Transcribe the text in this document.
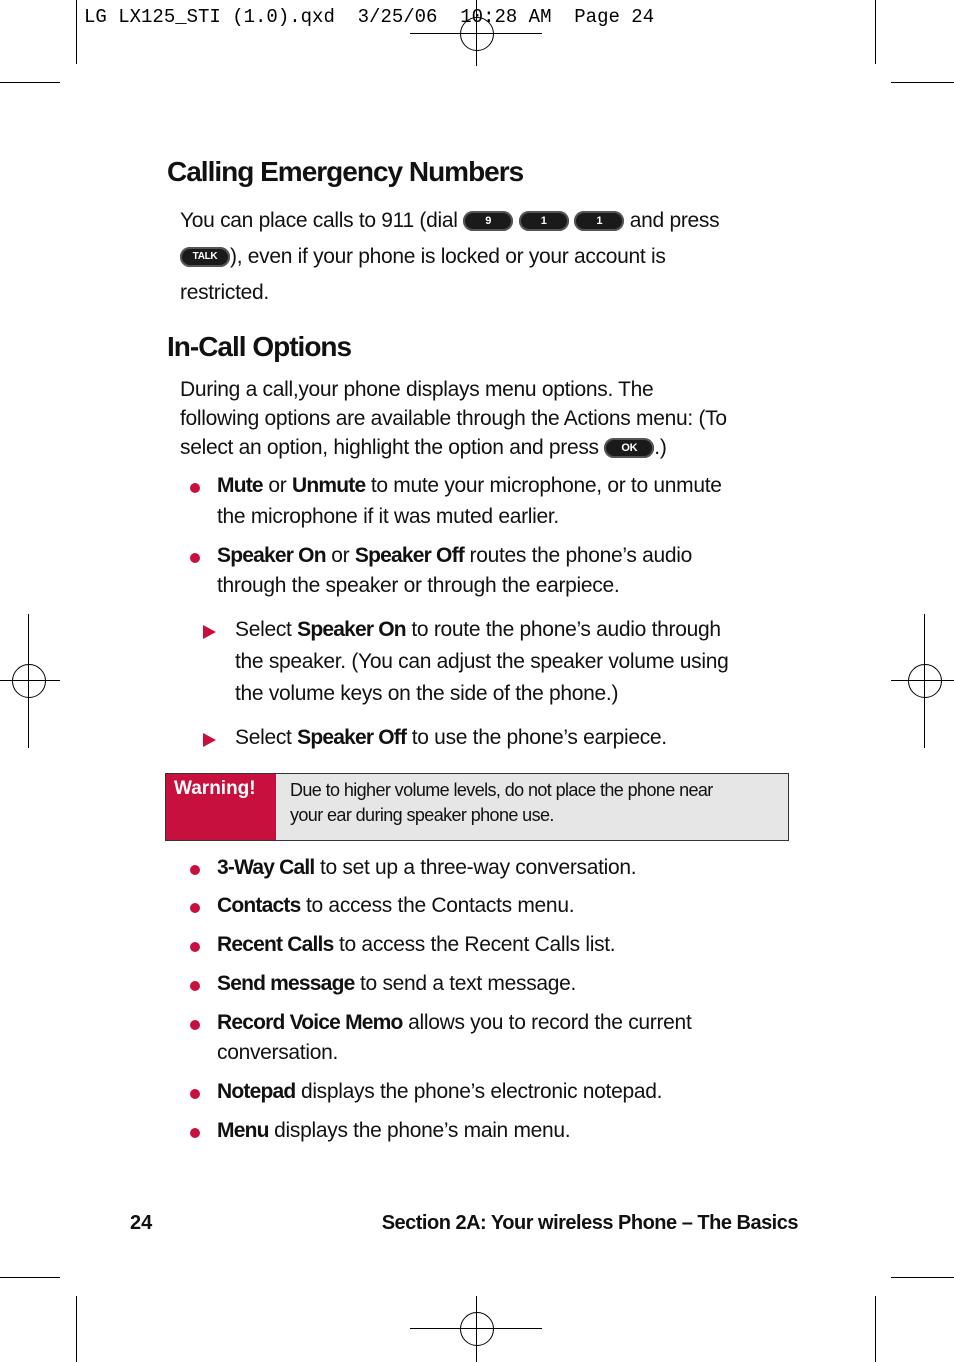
LG LX125_STI (1.0).qxd  3/25/06  10:28 AM  Page 24
Calling Emergency Numbers
You can place calls to 911 (dial	9	1	1 and press
TALK ), even if your phone is locked or your account is
restricted.
In-Call Options
During a call,your phone displays menu options. The
following options are available through the Actions menu: (To
select an option, highlight the option and press OK .)
Mute or Unmute to mute your microphone, or to unmute
the microphone if it was muted earlier.
Speaker On or Speaker Off routes the phone’s audio
through the speaker or through the earpiece.
Select Speaker On to route the phone’s audio through
the speaker. (You can adjust the speaker volume using
the volume keys on the side of the phone.)
Select Speaker Off to use the phone’s earpiece.
Warning!	Due to higher volume levels, do not place the phone near
your ear during speaker phone use.
3-Way Call to set up a three-way conversation.
Contacts to access the Contacts menu.
Recent Calls to access the Recent Calls list.
Send message to send a text message.
Record Voice Memo allows you to record the current
conversation.
Notepad displays the phone’s electronic notepad.
Menu displays the phone’s main menu.
24	Section 2A: Your wireless Phone – The Basics
